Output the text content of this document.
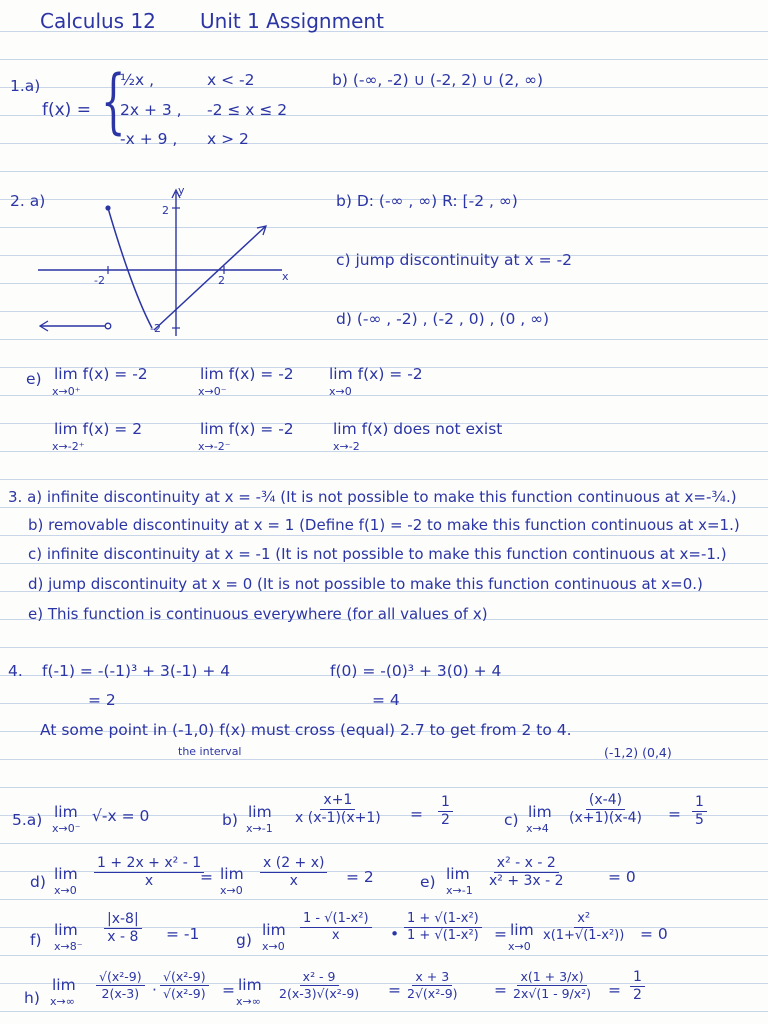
Calculus 12 Unit 1 Assignment
1.a)
f(x) = {
½x ,	x < -2
2x + 3 , -2 ≤ x ≤ 2
-x + 9 , x > 2
b) (-∞, -2) ∪ (-2, 2) ∪ (2, ∞)
2. a)
y
x
2
-2
-2	2
b) D: (-∞ , ∞) R: [-2 , ∞)
c) jump discontinuity at x = -2
d) (-∞ , -2) , (-2 , 0) , (0 , ∞)
e) lim f(x) = -2
x→0⁺
lim f(x) = -2
x→0⁻
lim f(x) = -2
x→0
lim f(x) = 2
x→-2⁺
lim f(x) = -2
x→-2⁻
lim f(x) does not exist
x→-2
3. a) infinite discontinuity at x = -¾ (It is not possible to make this function continuous at x=-¾.)
b) removable discontinuity at x = 1 (Define f(1) = -2 to make this function continuous at x=1.)
c) infinite discontinuity at x = -1 (It is not possible to make this function continuous at x=-1.)
d) jump discontinuity at x = 0 (It is not possible to make this function continuous at x=0.)
e) This function is continuous everywhere (for all values of x)
4. f(-1) = -(-1)³ + 3(-1) + 4
= 2
f(0) = -(0)³ + 3(0) + 4
= 4
At some point in (-1,0) f(x) must cross (equal) 2.7 to get from 2 to 4.
the interval	(-1,2) (0,4)
5.a) lim
x→0⁻
√-x = 0	b) lim
x→-1
$\frac{x+1}{x (x-1)(x+1)} = \frac{1}{2}$	c) lim
x→4
$\frac{(x-4)}{(x+1)(x-4)} = \frac{1}{5}$
d) lim
x→0
$\frac{\text{1 + 2x + x² - 1}}{x}$
= lim
x→0
$\frac{x (2 + x)}{x} = 2$	e) lim
x→-1
$\frac{\text{x² - x - 2}}{\text{x² + 3x - 2}}$	= 0
f)
lim
x→8⁻
$\frac{|x-8|}{x - 8} = -1$ g)
lim
x→0
$\frac{\text{1 - √(1-x²)}}{x}$ • $\frac{\text{1 + √(1-x²)}}{\text{1 + √(1-x²)}} = \lim$
x→0
$\frac{\text{x²}}{\text{x(1+√(1-x²))}} = 0$
h)
lim
x→∞
$\frac{\text{√(x²-9)}}{2(x-3)} \cdot \frac{\text{√(x²-9)}}{\text{√(x²-9)}} = \lim$
x→∞
$\frac{\text{x² - 9}}{\text{2(x-3)√(x²-9)}} = \frac{x + 3}{\text{2√(x²-9)}} = \frac{x(1 + 3/x)}{\text{2x√(1 - 9/x²)}} = \frac{1}{2}$
